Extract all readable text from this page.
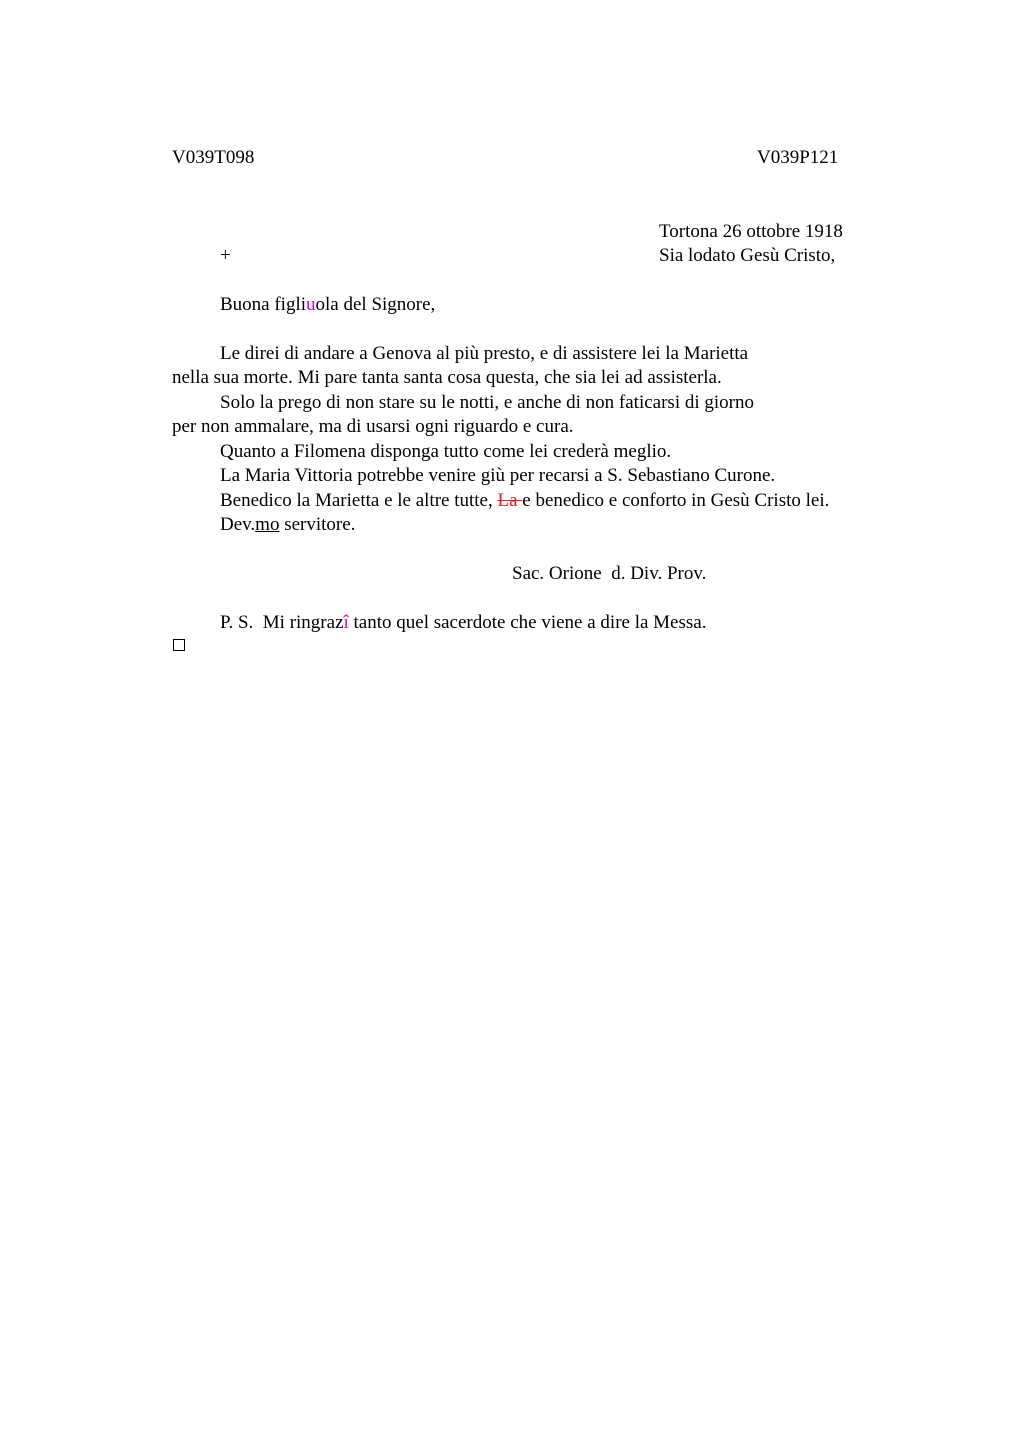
V039T098	V039P121
Tortona 26 ottobre 1918
+	Sia lodato Gesù Cristo,
Buona figliuola del Signore,
Le direi di andare a Genova al più presto, e di assistere lei la Marietta
nella sua morte. Mi pare tanta santa cosa questa, che sia lei ad assisterla.
Solo la prego di non stare su le notti, e anche di non faticarsi di giorno
per non ammalare, ma di usarsi ogni riguardo e cura.
Quanto a Filomena disponga tutto come lei crederà meglio.
La Maria Vittoria potrebbe venire giù per recarsi a S. Sebastiano Curone.
Benedico la Marietta e le altre tutte, La e benedico e conforto in Gesù Cristo lei.
Dev.mo servitore.
Sac. Orione  d. Div. Prov.
P. S.  Mi ringrazî tanto quel sacerdote che viene a dire la Messa.
